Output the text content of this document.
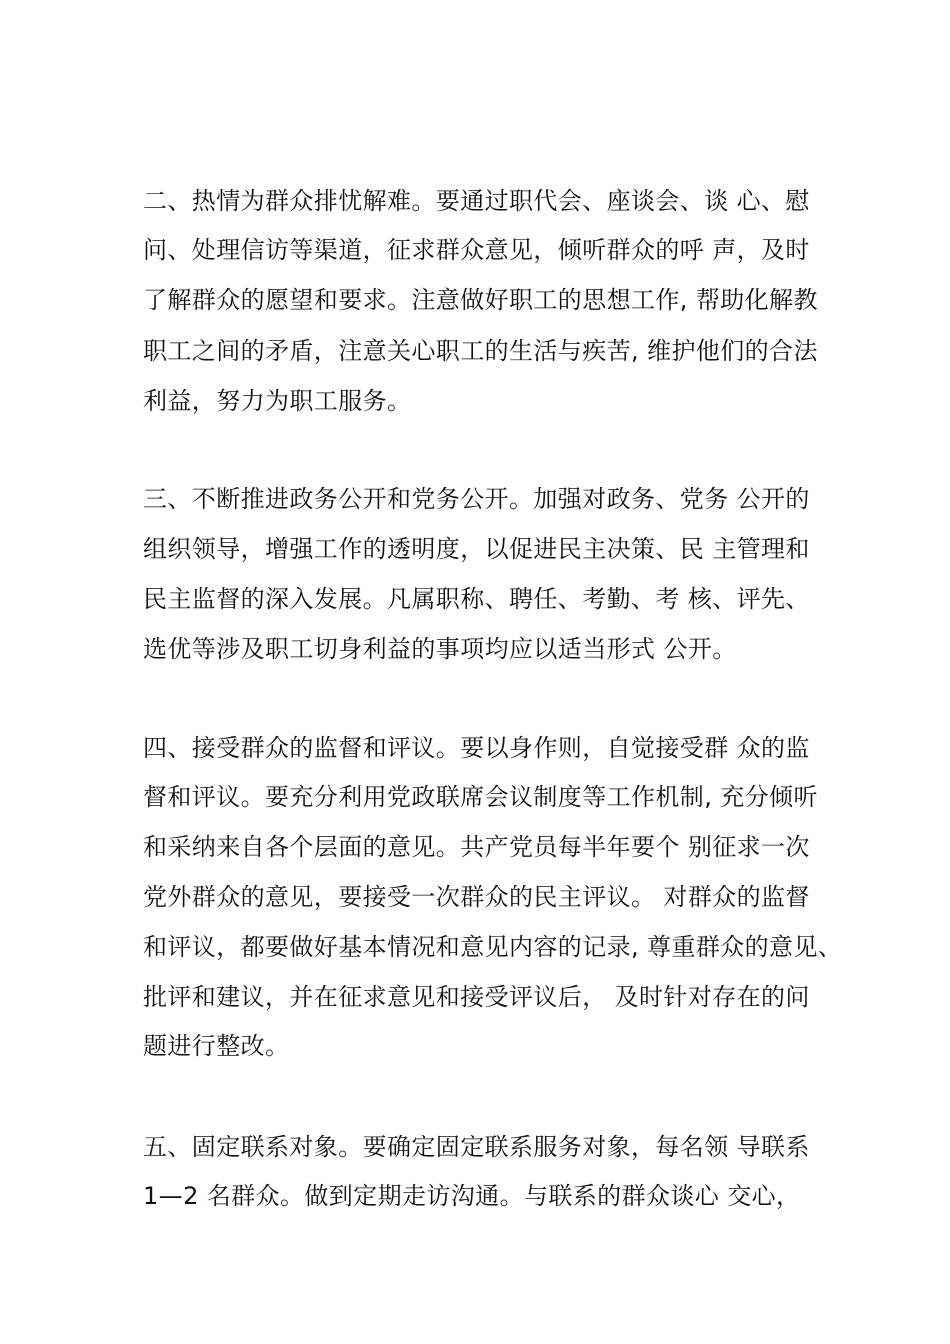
二、热情为群众排忧解难。要通过职代会、座谈会、谈 心、慰
问、处理信访等渠道，征求群众意见，倾听群众的呼 声，及时
了解群众的愿望和要求。注意做好职工的思想工作, 帮助化解教
职工之间的矛盾，注意关心职工的生活与疾苦, 维护他们的合法
利益，努力为职工服务。
三、不断推进政务公开和党务公开。加强对政务、党务 公开的
组织领导，增强工作的透明度，以促进民主决策、民 主管理和
民主监督的深入发展。凡属职称、聘任、考勤、考 核、评先、
选优等涉及职工切身利益的事项均应以适当形式 公开。
四、接受群众的监督和评议。要以身作则，自觉接受群 众的监
督和评议。要充分利用党政联席会议制度等工作机制, 充分倾听
和采纳来自各个层面的意见。共产党员每半年要个 别征求一次
党外群众的意见，要接受一次群众的民主评议。 对群众的监督
和评议，都要做好基本情况和意见内容的记录, 尊重群众的意见、
批评和建议，并在征求意见和接受评议后， 及时针对存在的问
题进行整改。
五、固定联系对象。要确定固定联系服务对象，每名领 导联系
1—2 名群众。做到定期走访沟通。与联系的群众谈心 交心，
